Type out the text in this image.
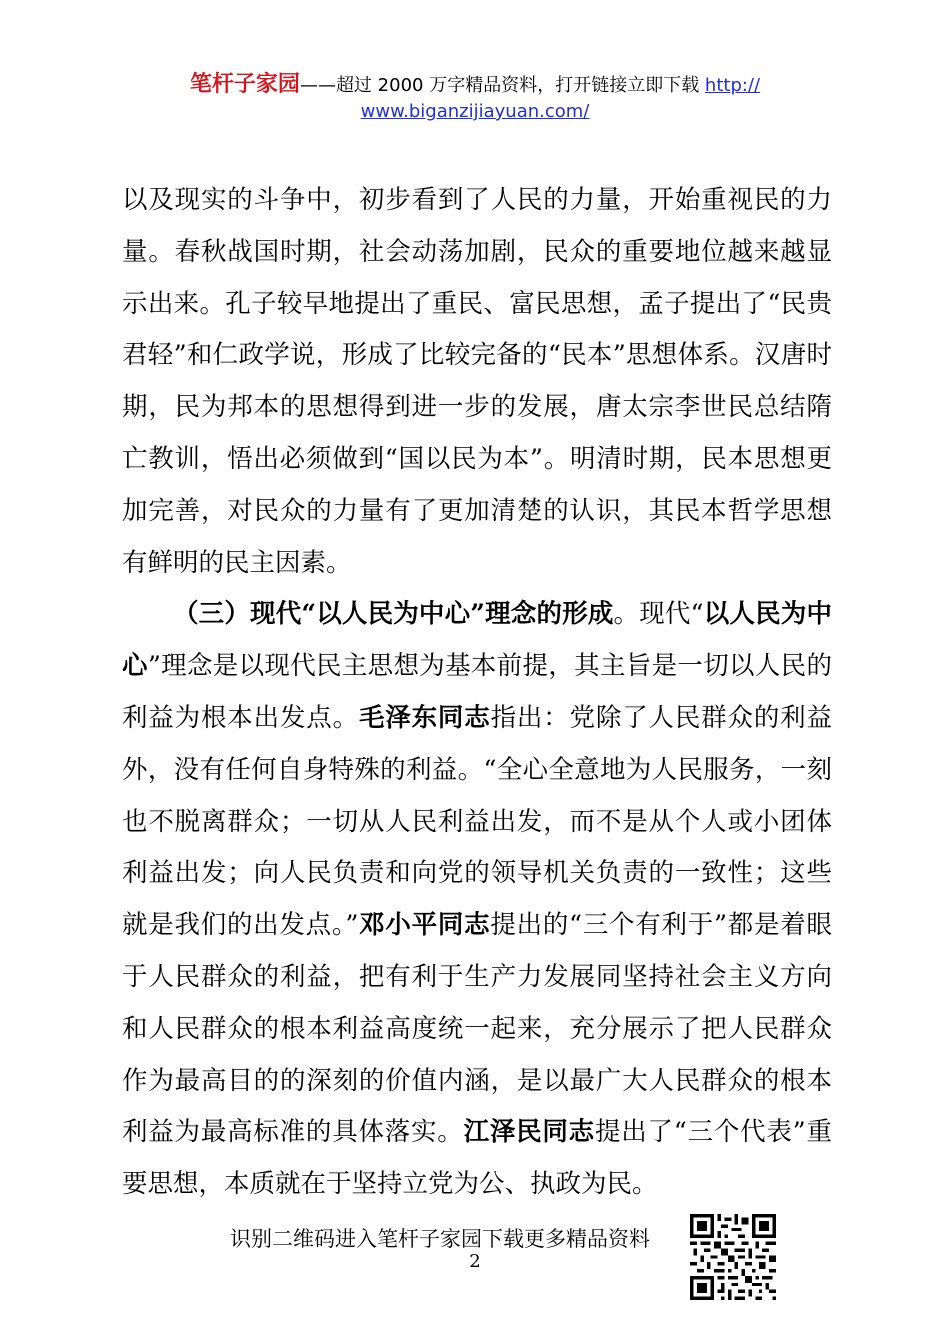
笔杆子家园——超过 2000 万字精品资料，打开链接立即下载 http://
www.biganzijiayuan.com/

以及现实的斗争中，初步看到了人民的力量，开始重视民的力量。春秋战国时期，社会动荡加剧，民众的重要地位越来越显示出来。孔子较早地提出了重民、富民思想，孟子提出了“民贵君轻”和仁政学说，形成了比较完备的“民本”思想体系。汉唐时期，民为邦本的思想得到进一步的发展，唐太宗李世民总结隋亡教训，悟出必须做到“国以民为本”。明清时期，民本思想更加完善，对民众的力量有了更加清楚的认识，其民本哲学思想有鲜明的民主因素。

（三）现代“以人民为中心”理念的形成。现代“以人民为中心”理念是以现代民主思想为基本前提，其主旨是一切以人民的利益为根本出发点。毛泽东同志指出：党除了人民群众的利益外，没有任何自身特殊的利益。“全心全意地为人民服务，一刻也不脱离群众；一切从人民利益出发，而不是从个人或小团体利益出发；向人民负责和向党的领导机关负责的一致性；这些就是我们的出发点。”邓小平同志提出的“三个有利于”都是着眼于人民群众的利益，把有利于生产力发展同坚持社会主义方向和人民群众的根本利益高度统一起来，充分展示了把人民群众作为最高目的的深刻的价值内涵，是以最广大人民群众的根本利益为最高标准的具体落实。江泽民同志提出了“三个代表”重要思想，本质就在于坚持立党为公、执政为民。

识别二维码进入笔杆子家园下载更多精品资料
2
